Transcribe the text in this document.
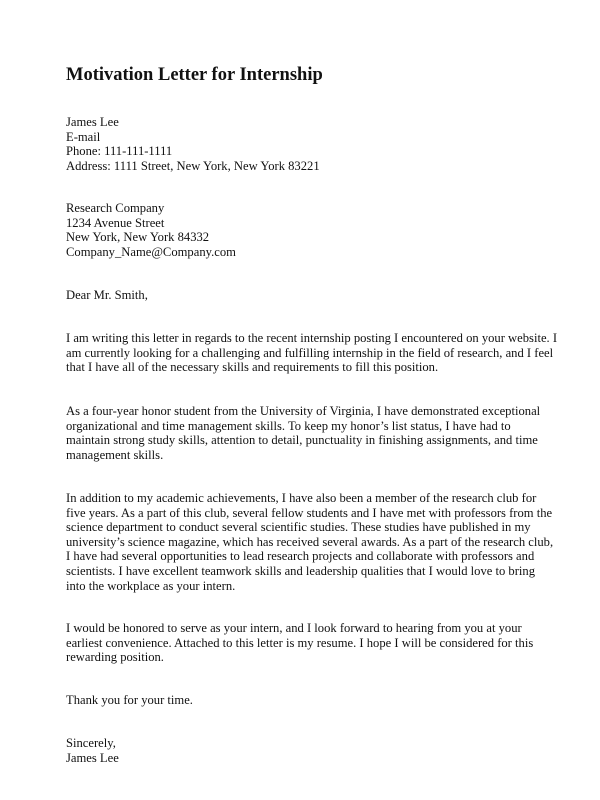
Motivation Letter for Internship
James Lee
E-mail
Phone: 111-111-1111
Address: 1111 Street, New York, New York 83221
Research Company
1234 Avenue Street
New York, New York 84332
Company_Name@Company.com
Dear Mr. Smith,
I am writing this letter in regards to the recent internship posting I encountered on your website. I
am currently looking for a challenging and fulfilling internship in the field of research, and I feel
that I have all of the necessary skills and requirements to fill this position.
As a four-year honor student from the University of Virginia, I have demonstrated exceptional
organizational and time management skills. To keep my honor’s list status, I have had to
maintain strong study skills, attention to detail, punctuality in finishing assignments, and time
management skills.
In addition to my academic achievements, I have also been a member of the research club for
five years. As a part of this club, several fellow students and I have met with professors from the
science department to conduct several scientific studies. These studies have published in my
university’s science magazine, which has received several awards. As a part of the research club,
I have had several opportunities to lead research projects and collaborate with professors and
scientists. I have excellent teamwork skills and leadership qualities that I would love to bring
into the workplace as your intern.
I would be honored to serve as your intern, and I look forward to hearing from you at your
earliest convenience. Attached to this letter is my resume. I hope I will be considered for this
rewarding position.
Thank you for your time.
Sincerely,
James Lee
